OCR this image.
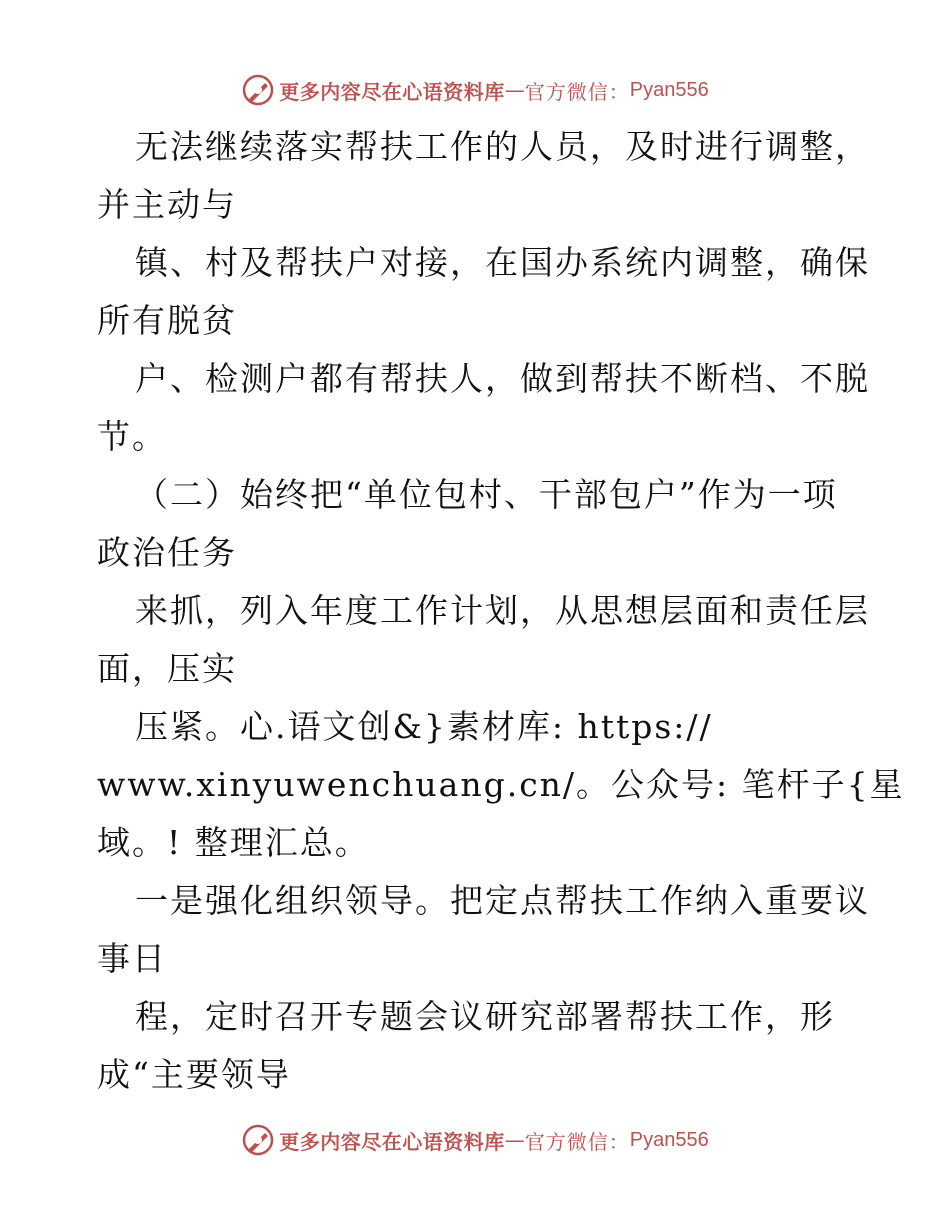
更多内容尽在心语资料库 — 官方微信： Pyan556
无法继续落实帮扶工作的人员，及时进行调整，
并主动与
镇、村及帮扶户对接，在国办系统内调整，确保
所有脱贫
户、检测户都有帮扶人，做到帮扶不断档、不脱
节。
（二）始终把“单位包村、干部包户”作为一项
政治任务
来抓，列入年度工作计划，从思想层面和责任层
面，压实
压紧。心.语文创&}素材库: https://
www.xinyuwenchuang.cn/。公众号: 笔杆子{星
域。! 整理汇总。
一是强化组织领导。把定点帮扶工作纳入重要议
事日
程，定时召开专题会议研究部署帮扶工作，形
成“主要领导
更多内容尽在心语资料库 — 官方微信： Pyan556
